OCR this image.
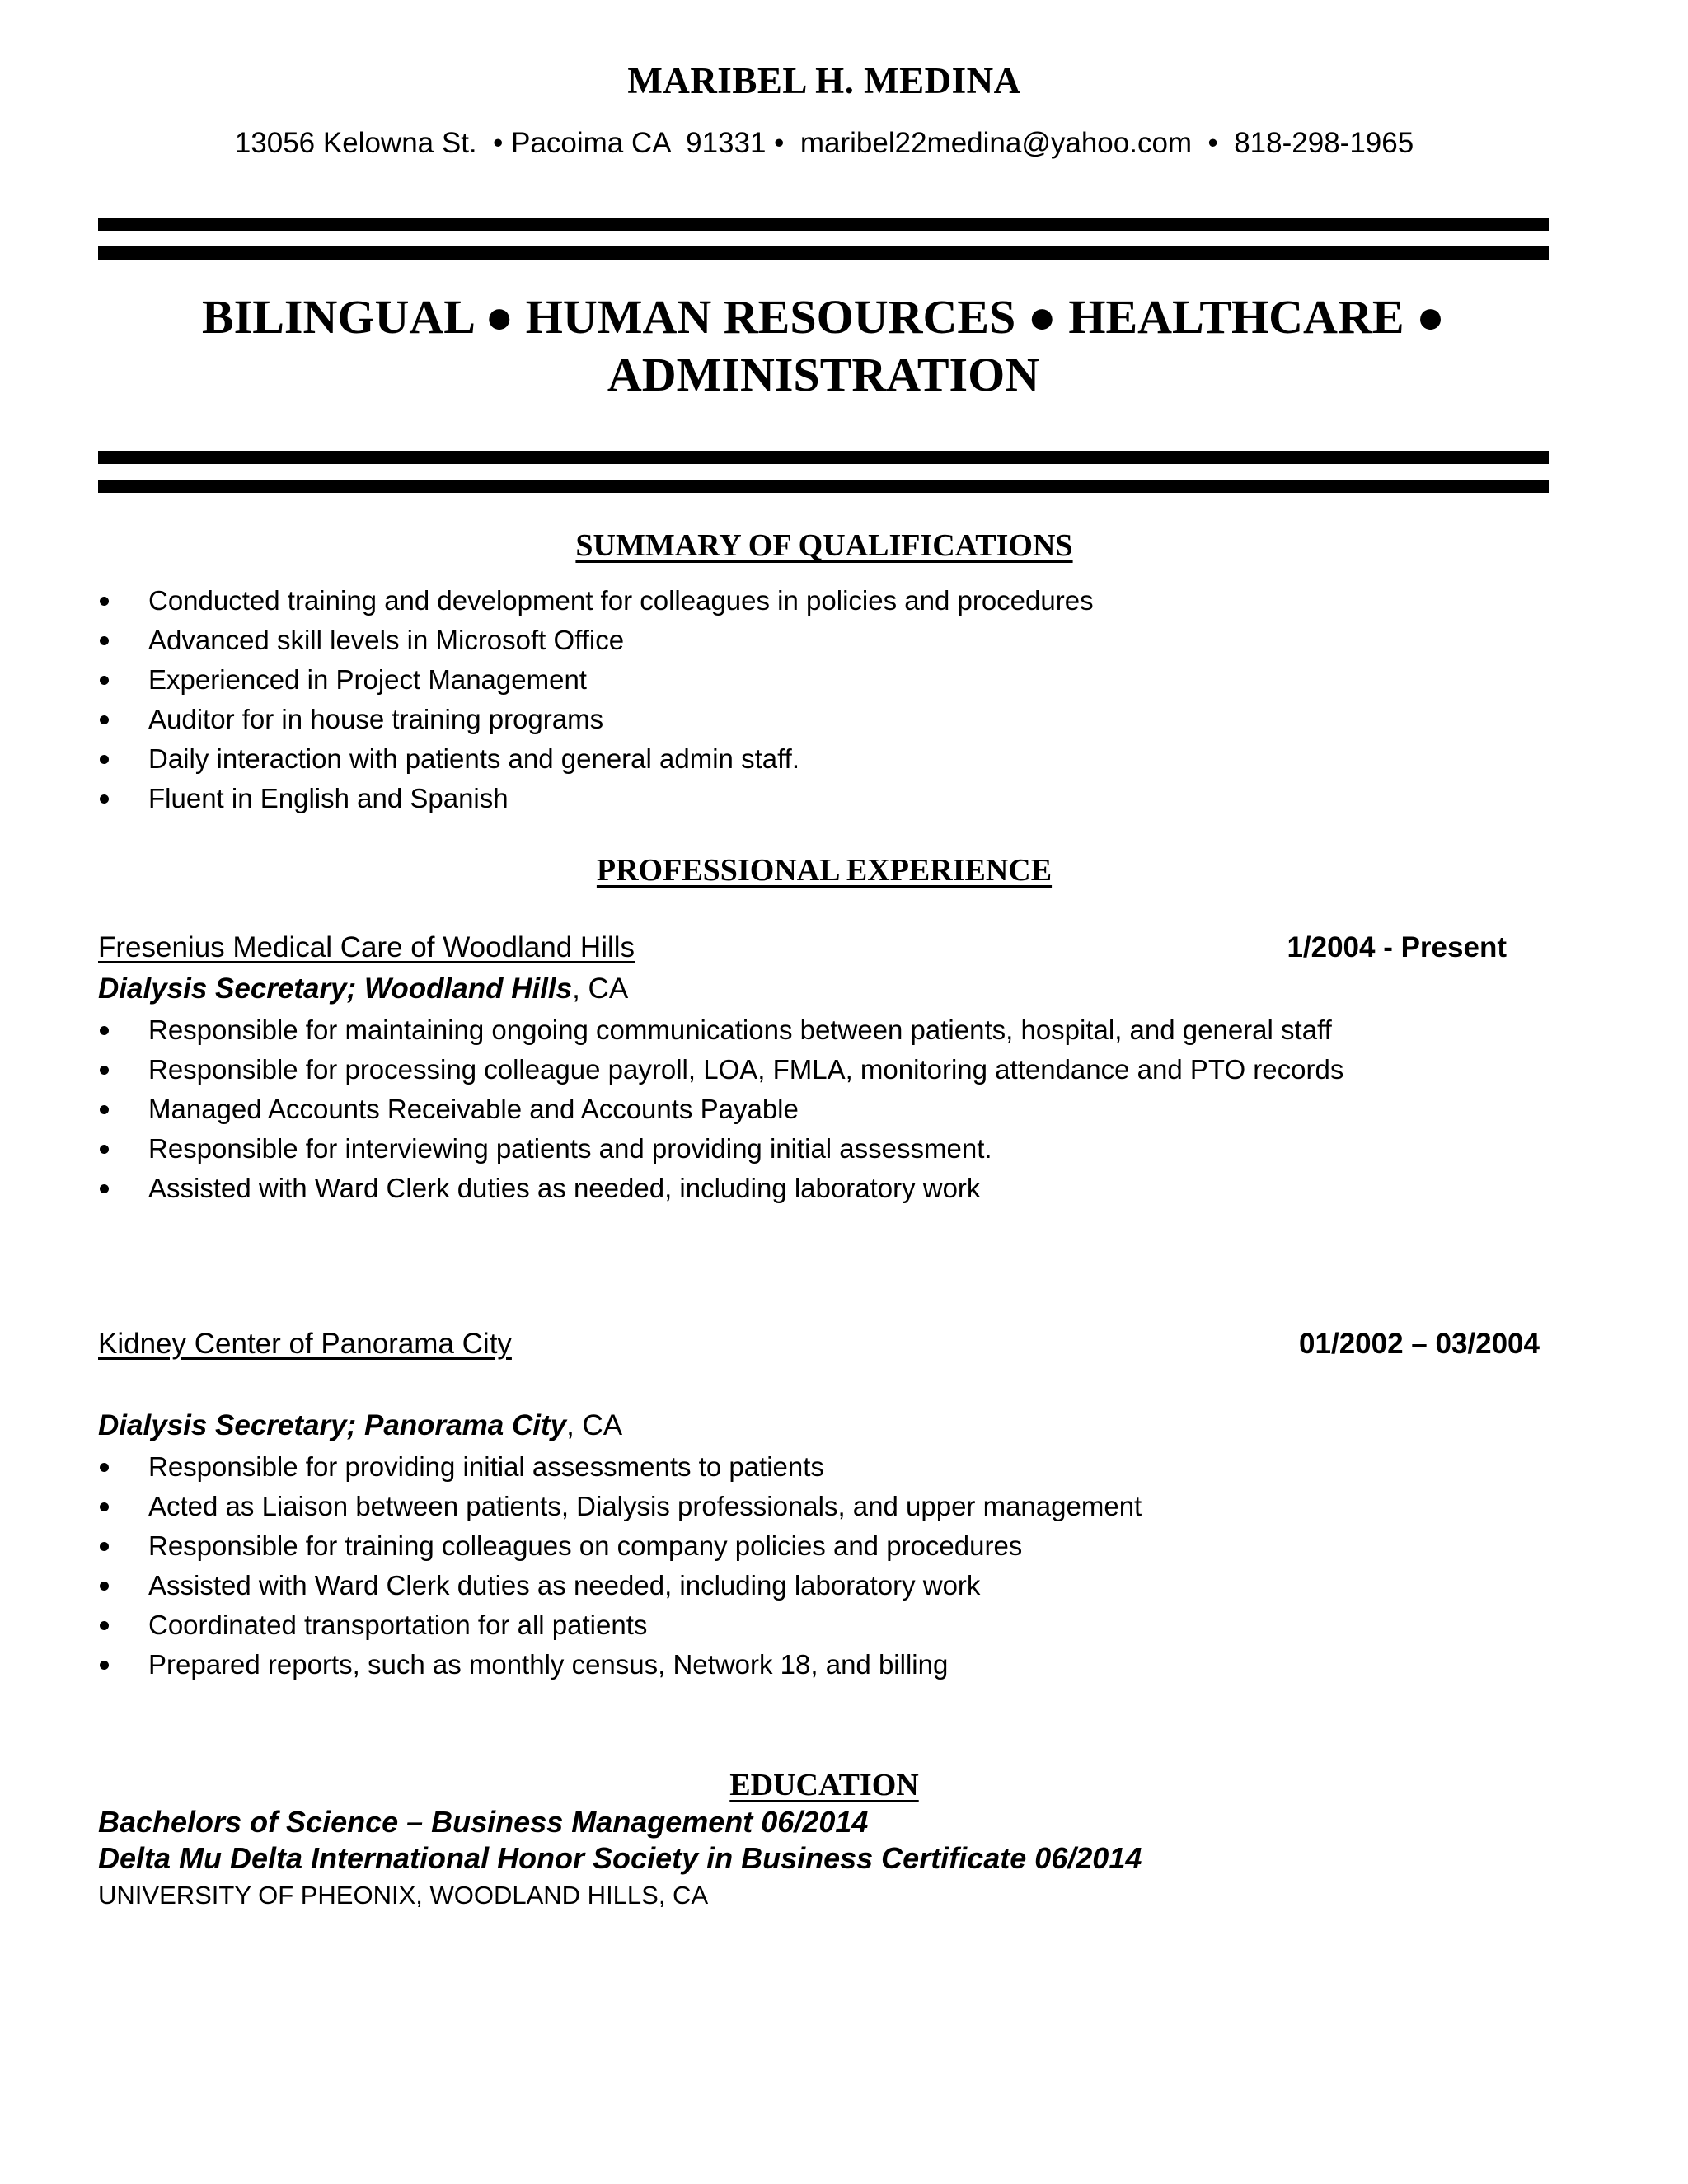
MARIBEL H. MEDINA

13056 Kelowna St.  • Pacoima CA  91331 •  maribel22medina@yahoo.com  •  818-298-1965

BILINGUAL ● HUMAN RESOURCES ● HEALTHCARE ●
ADMINISTRATION
SUMMARY OF QUALIFICATIONS
Conducted training and development for colleagues in policies and procedures
Advanced skill levels in Microsoft Office
Experienced in Project Management
Auditor for in house training programs
Daily interaction with patients and general admin staff.
Fluent in English and Spanish
PROFESSIONAL EXPERIENCE

Fresenius Medical Care of Woodland Hills	1/2004 - Present

Dialysis Secretary; Woodland Hills, CA

Responsible for maintaining ongoing communications between patients, hospital, and general staff
Responsible for processing colleague payroll, LOA, FMLA, monitoring attendance and PTO records
Managed Accounts Receivable and Accounts Payable
Responsible for interviewing patients and providing initial assessment.
Assisted with Ward Clerk duties as needed, including laboratory work

Kidney Center of Panorama City	01/2002 – 03/2004

Dialysis Secretary; Panorama City, CA

Responsible for providing initial assessments to patients
Acted as Liaison between patients, Dialysis professionals, and upper management
Responsible for training colleagues on company policies and procedures
Assisted with Ward Clerk duties as needed, including laboratory work
Coordinated transportation for all patients
Prepared reports, such as monthly census, Network 18, and billing
EDUCATION

Bachelors of Science – Business Management 06/2014

Delta Mu Delta International Honor Society in Business Certificate 06/2014

UNIVERSITY OF PHEONIX, WOODLAND HILLS, CA
